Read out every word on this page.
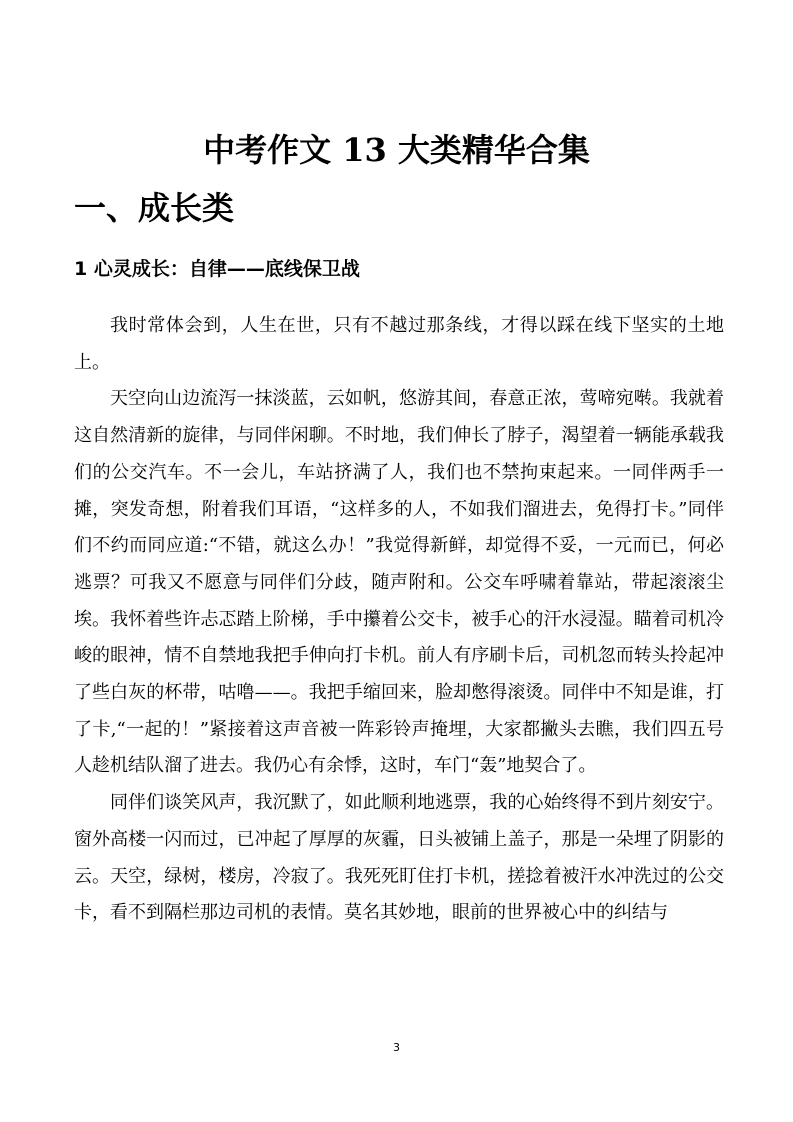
中考作文 13 大类精华合集
一、成长类
1 心灵成长：自律——底线保卫战

我时常体会到，人生在世，只有不越过那条线，才得以踩在线下坚实的土地上。

天空向山边流泻一抹淡蓝，云如帆，悠游其间，春意正浓，莺啼宛啭。我就着这自然清新的旋律，与同伴闲聊。不时地，我们伸长了脖子，渴望着一辆能承载我们的公交汽车。不一会儿，车站挤满了人，我们也不禁拘束起来。一同伴两手一摊，突发奇想，附着我们耳语，“这样多的人，不如我们溜进去，免得打卡。”同伴们不约而同应道:“不错，就这么办！”我觉得新鲜，却觉得不妥，一元而已，何必逃票？可我又不愿意与同伴们分歧，随声附和。公交车呼啸着靠站，带起滚滚尘埃。我怀着些许忐忑踏上阶梯，手中攥着公交卡，被手心的汗水浸湿。瞄着司机冷峻的眼神，情不自禁地我把手伸向打卡机。前人有序刷卡后，司机忽而转头拎起冲了些白灰的杯带，咕噜——。我把手缩回来，脸却憋得滚烫。同伴中不知是谁，打了卡,“一起的！”紧接着这声音被一阵彩铃声掩埋，大家都撇头去瞧，我们四五号人趁机结队溜了进去。我仍心有余悸，这时，车门“轰”地契合了。

同伴们谈笑风声，我沉默了，如此顺利地逃票，我的心始终得不到片刻安宁。窗外高楼一闪而过，已冲起了厚厚的灰霾，日头被铺上盖子，那是一朵埋了阴影的云。天空，绿树，楼房，冷寂了。我死死盯住打卡机，搓捻着被汗水冲洗过的公交卡，看不到隔栏那边司机的表情。莫名其妙地，眼前的世界被心中的纠结与

3
